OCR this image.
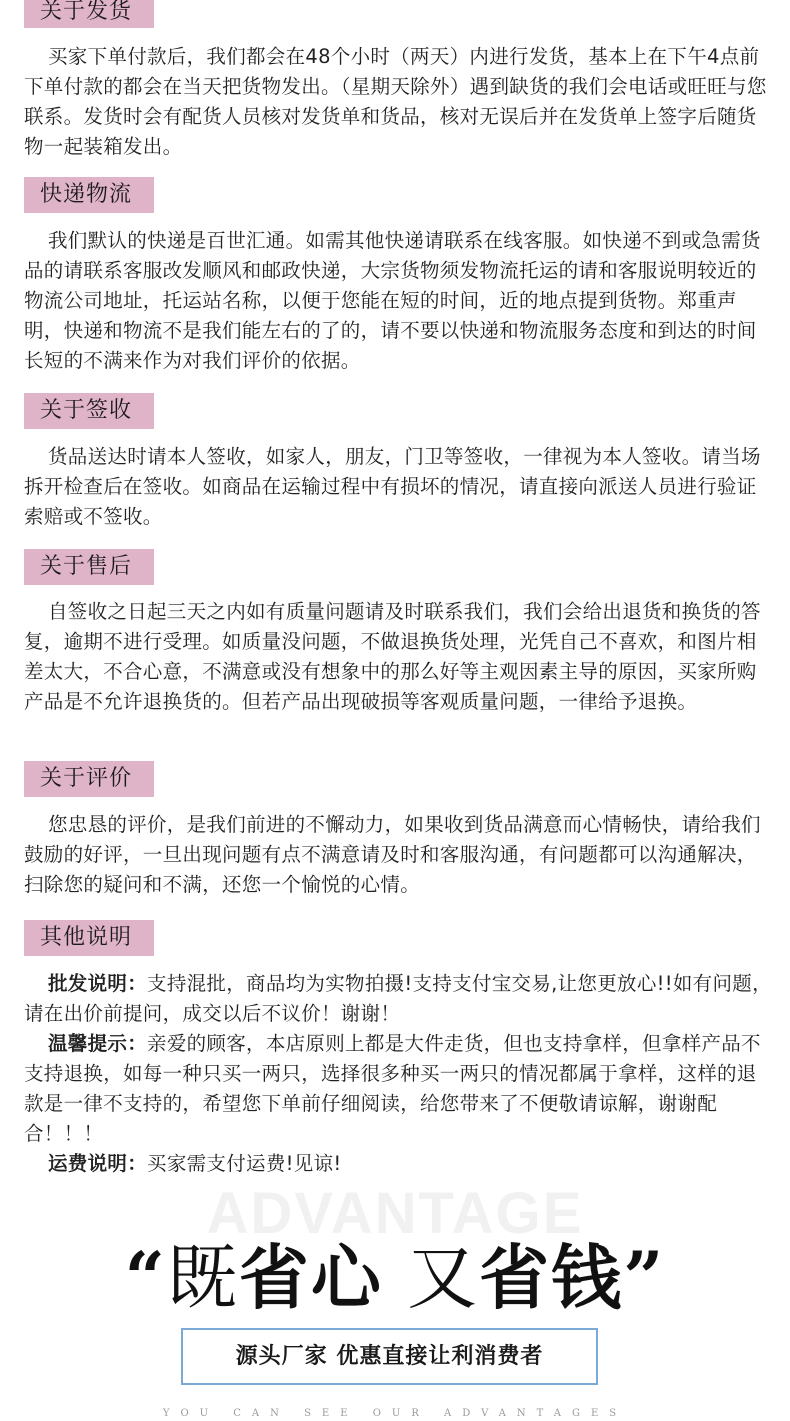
关于发货

买家下单付款后，我们都会在48个小时（两天）内进行发货，基本上在下午4点前下单付款的都会在当天把货物发出。（星期天除外）遇到缺货的我们会电话或旺旺与您联系。发货时会有配货人员核对发货单和货品，核对无误后并在发货单上签字后随货物一起装箱发出。

快递物流

我们默认的快递是百世汇通。如需其他快递请联系在线客服。如快递不到或急需货品的请联系客服改发顺风和邮政快递，大宗货物须发物流托运的请和客服说明较近的物流公司地址，托运站名称，以便于您能在短的时间，近的地点提到货物。郑重声明，快递和物流不是我们能左右的了的，请不要以快递和物流服务态度和到达的时间长短的不满来作为对我们评价的依据。

关于签收

货品送达时请本人签收，如家人，朋友，门卫等签收，一律视为本人签收。请当场拆开检查后在签收。如商品在运输过程中有损坏的情况，请直接向派送人员进行验证索赔或不签收。

关于售后

自签收之日起三天之内如有质量问题请及时联系我们，我们会给出退货和换货的答复，逾期不进行受理。如质量没问题，不做退换货处理，光凭自己不喜欢，和图片相差太大，不合心意，不满意或没有想象中的那么好等主观因素主导的原因，买家所购产品是不允许退换货的。但若产品出现破损等客观质量问题，一律给予退换。

关于评价

您忠恳的评价，是我们前进的不懈动力，如果收到货品满意而心情畅快，请给我们鼓励的好评，一旦出现问题有点不满意请及时和客服沟通，有问题都可以沟通解决，扫除您的疑问和不满，还您一个愉悦的心情。

其他说明

批发说明：支持混批，商品均为实物拍摄!支持支付宝交易,让您更放心!!如有问题，请在出价前提问，成交以后不议价！谢谢！

温馨提示：亲爱的顾客，本店原则上都是大件走货，但也支持拿样，但拿样产品不支持退换，如每一种只买一两只，选择很多种买一两只的情况都属于拿样，这样的退款是一律不支持的，希望您下单前仔细阅读，给您带来了不便敬请谅解，谢谢配合！！！

运费说明：买家需支付运费!见谅!

ADVANTAGE
“既省心 又省钱”
源头厂家 优惠直接让利消费者
YOU CAN SEE OUR ADVANTAGES
